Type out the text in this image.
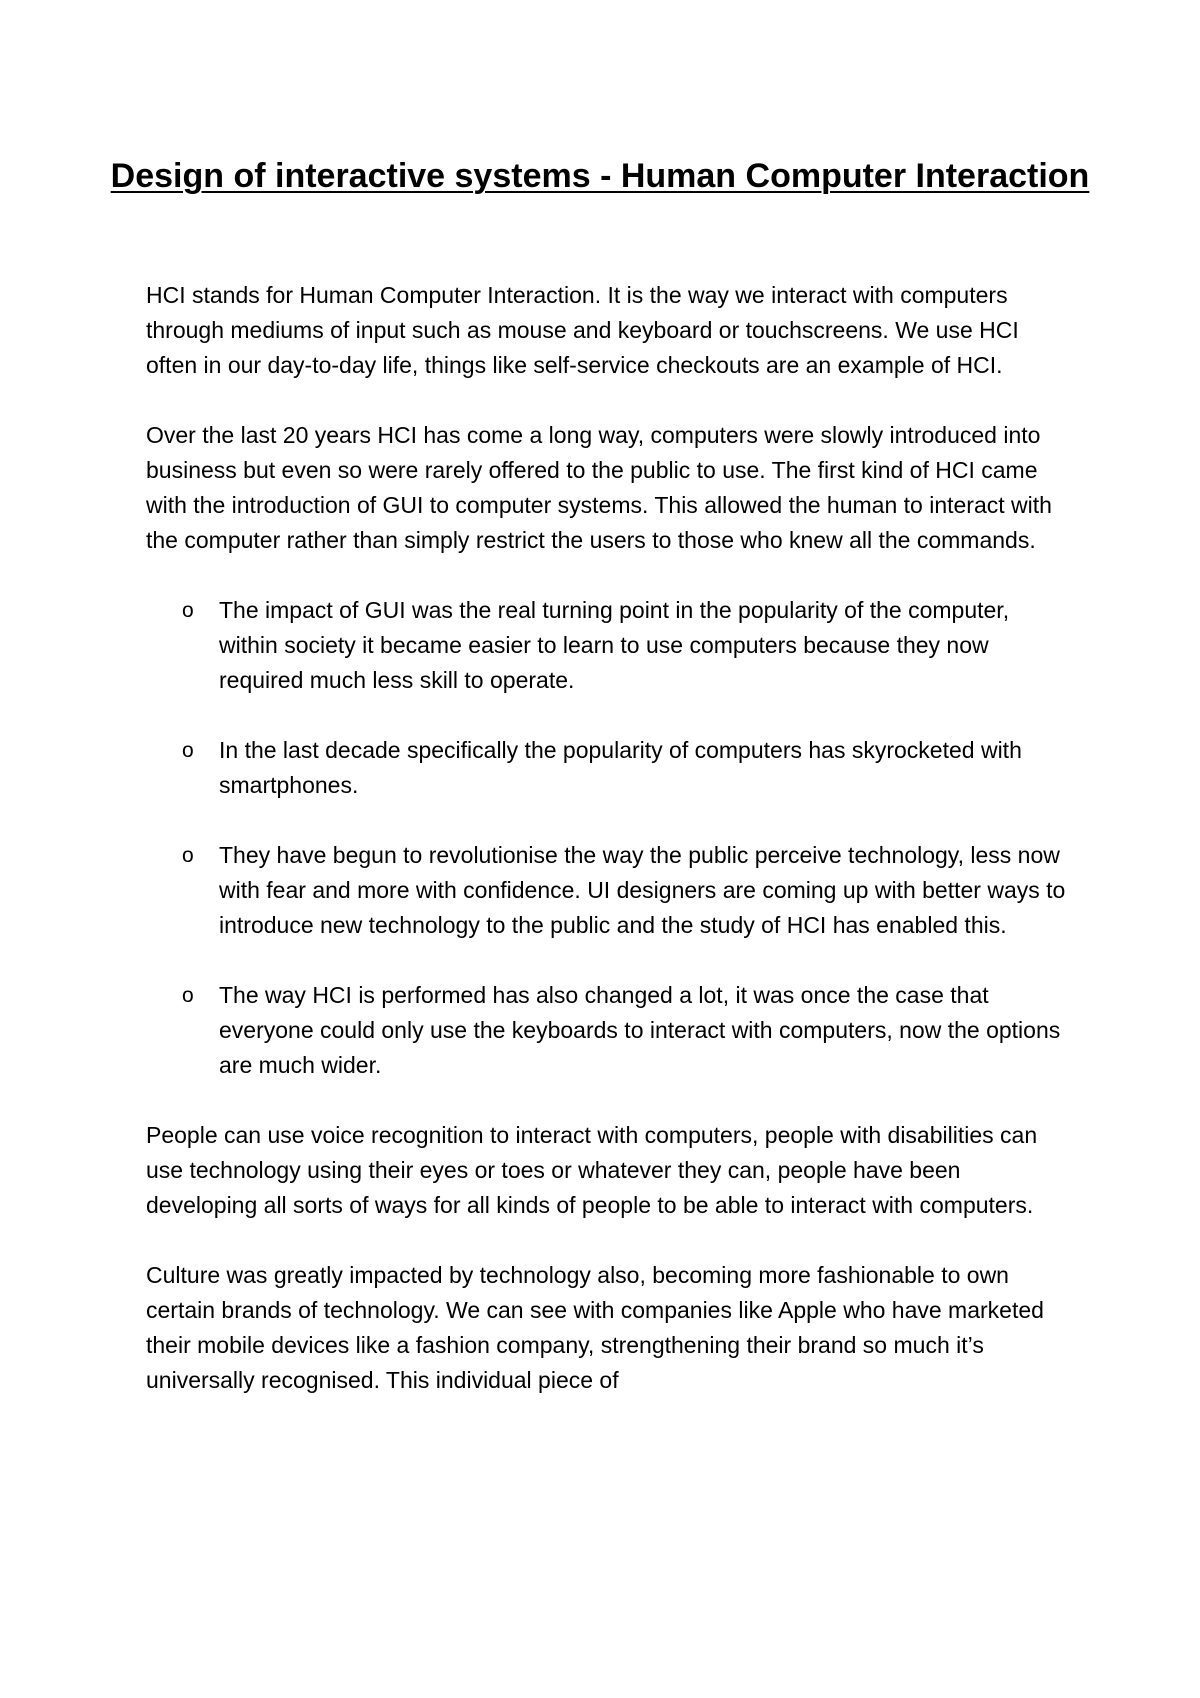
Design of interactive systems - Human Computer Interaction

HCI stands for Human Computer Interaction. It is the way we interact with computers through mediums of input such as mouse and keyboard or touchscreens. We use HCI often in our day-to-day life, things like self-service checkouts are an example of HCI.

Over the last 20 years HCI has come a long way, computers were slowly introduced into business but even so were rarely offered to the public to use. The first kind of HCI came with the introduction of GUI to computer systems. This allowed the human to interact with the computer rather than simply restrict the users to those who knew all the commands.

o The impact of GUI was the real turning point in the popularity of the computer, within society it became easier to learn to use computers because they now required much less skill to operate.
o In the last decade specifically the popularity of computers has skyrocketed with smartphones.
o They have begun to revolutionise the way the public perceive technology, less now with fear and more with confidence. UI designers are coming up with better ways to introduce new technology to the public and the study of HCI has enabled this.
o The way HCI is performed has also changed a lot, it was once the case that everyone could only use the keyboards to interact with computers, now the options are much wider.

People can use voice recognition to interact with computers, people with disabilities can use technology using their eyes or toes or whatever they can, people have been developing all sorts of ways for all kinds of people to be able to interact with computers.

Culture was greatly impacted by technology also, becoming more fashionable to own certain brands of technology. We can see with companies like Apple who have marketed their mobile devices like a fashion company, strengthening their brand so much it’s universally recognised. This individual piece of
